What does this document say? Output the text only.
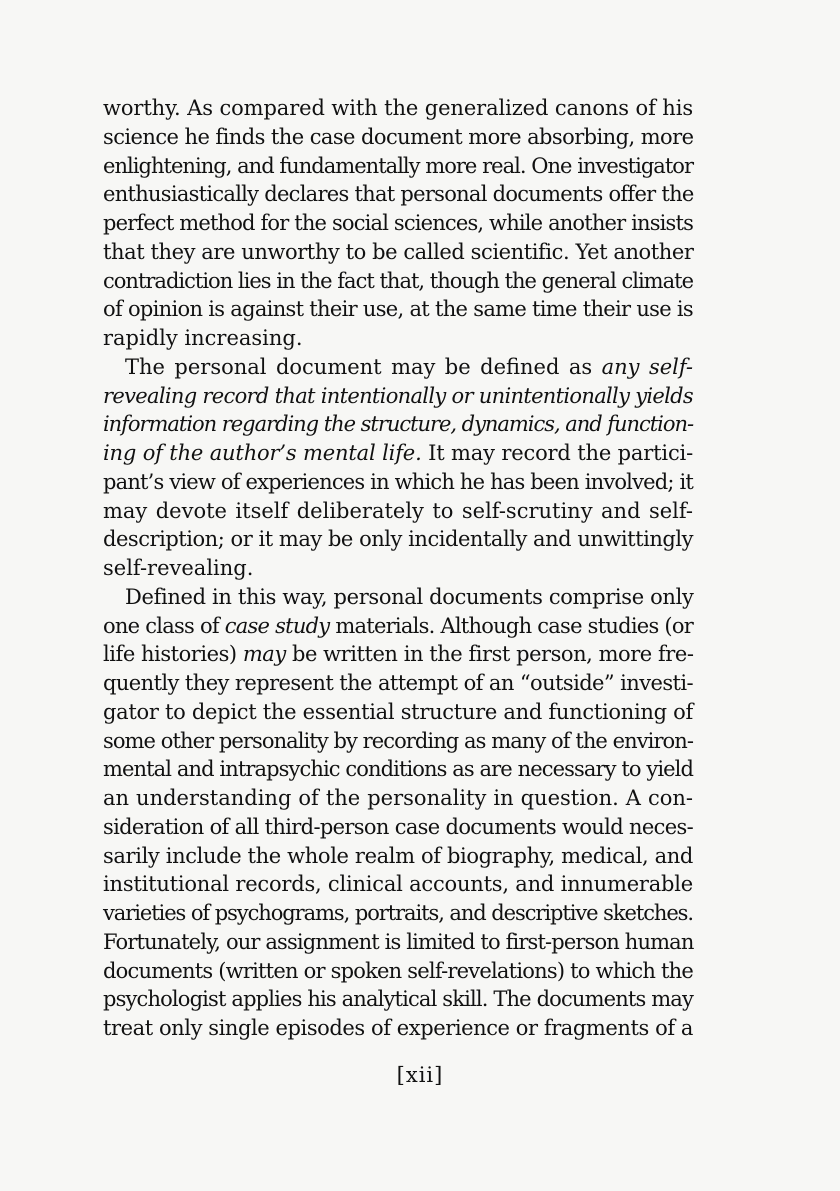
worthy. As compared with the generalized canons of his
science he finds the case document more absorbing, more
enlightening, and fundamentally more real. One investigator
enthusiastically declares that personal documents offer the
perfect method for the social sciences, while another insists
that they are unworthy to be called scientific. Yet another
contradiction lies in the fact that, though the general climate
of opinion is against their use, at the same time their use is
rapidly increasing.
The personal document may be defined as any self-
revealing record that intentionally or unintentionally yields
information regarding the structure, dynamics, and function-
ing of the author’s mental life. It may record the partici-
pant’s view of experiences in which he has been involved; it
may devote itself deliberately to self-scrutiny and self-
description; or it may be only incidentally and unwittingly
self-revealing.
Defined in this way, personal documents comprise only
one class of case study materials. Although case studies (or
life histories) may be written in the first person, more fre-
quently they represent the attempt of an “outside” investi-
gator to depict the essential structure and functioning of
some other personality by recording as many of the environ-
mental and intrapsychic conditions as are necessary to yield
an understanding of the personality in question. A con-
sideration of all third-person case documents would neces-
sarily include the whole realm of biography, medical, and
institutional records, clinical accounts, and innumerable
varieties of psychograms, portraits, and descriptive sketches.
Fortunately, our assignment is limited to first-person human
documents (written or spoken self-revelations) to which the
psychologist applies his analytical skill. The documents may
treat only single episodes of experience or fragments of a
[xii]
